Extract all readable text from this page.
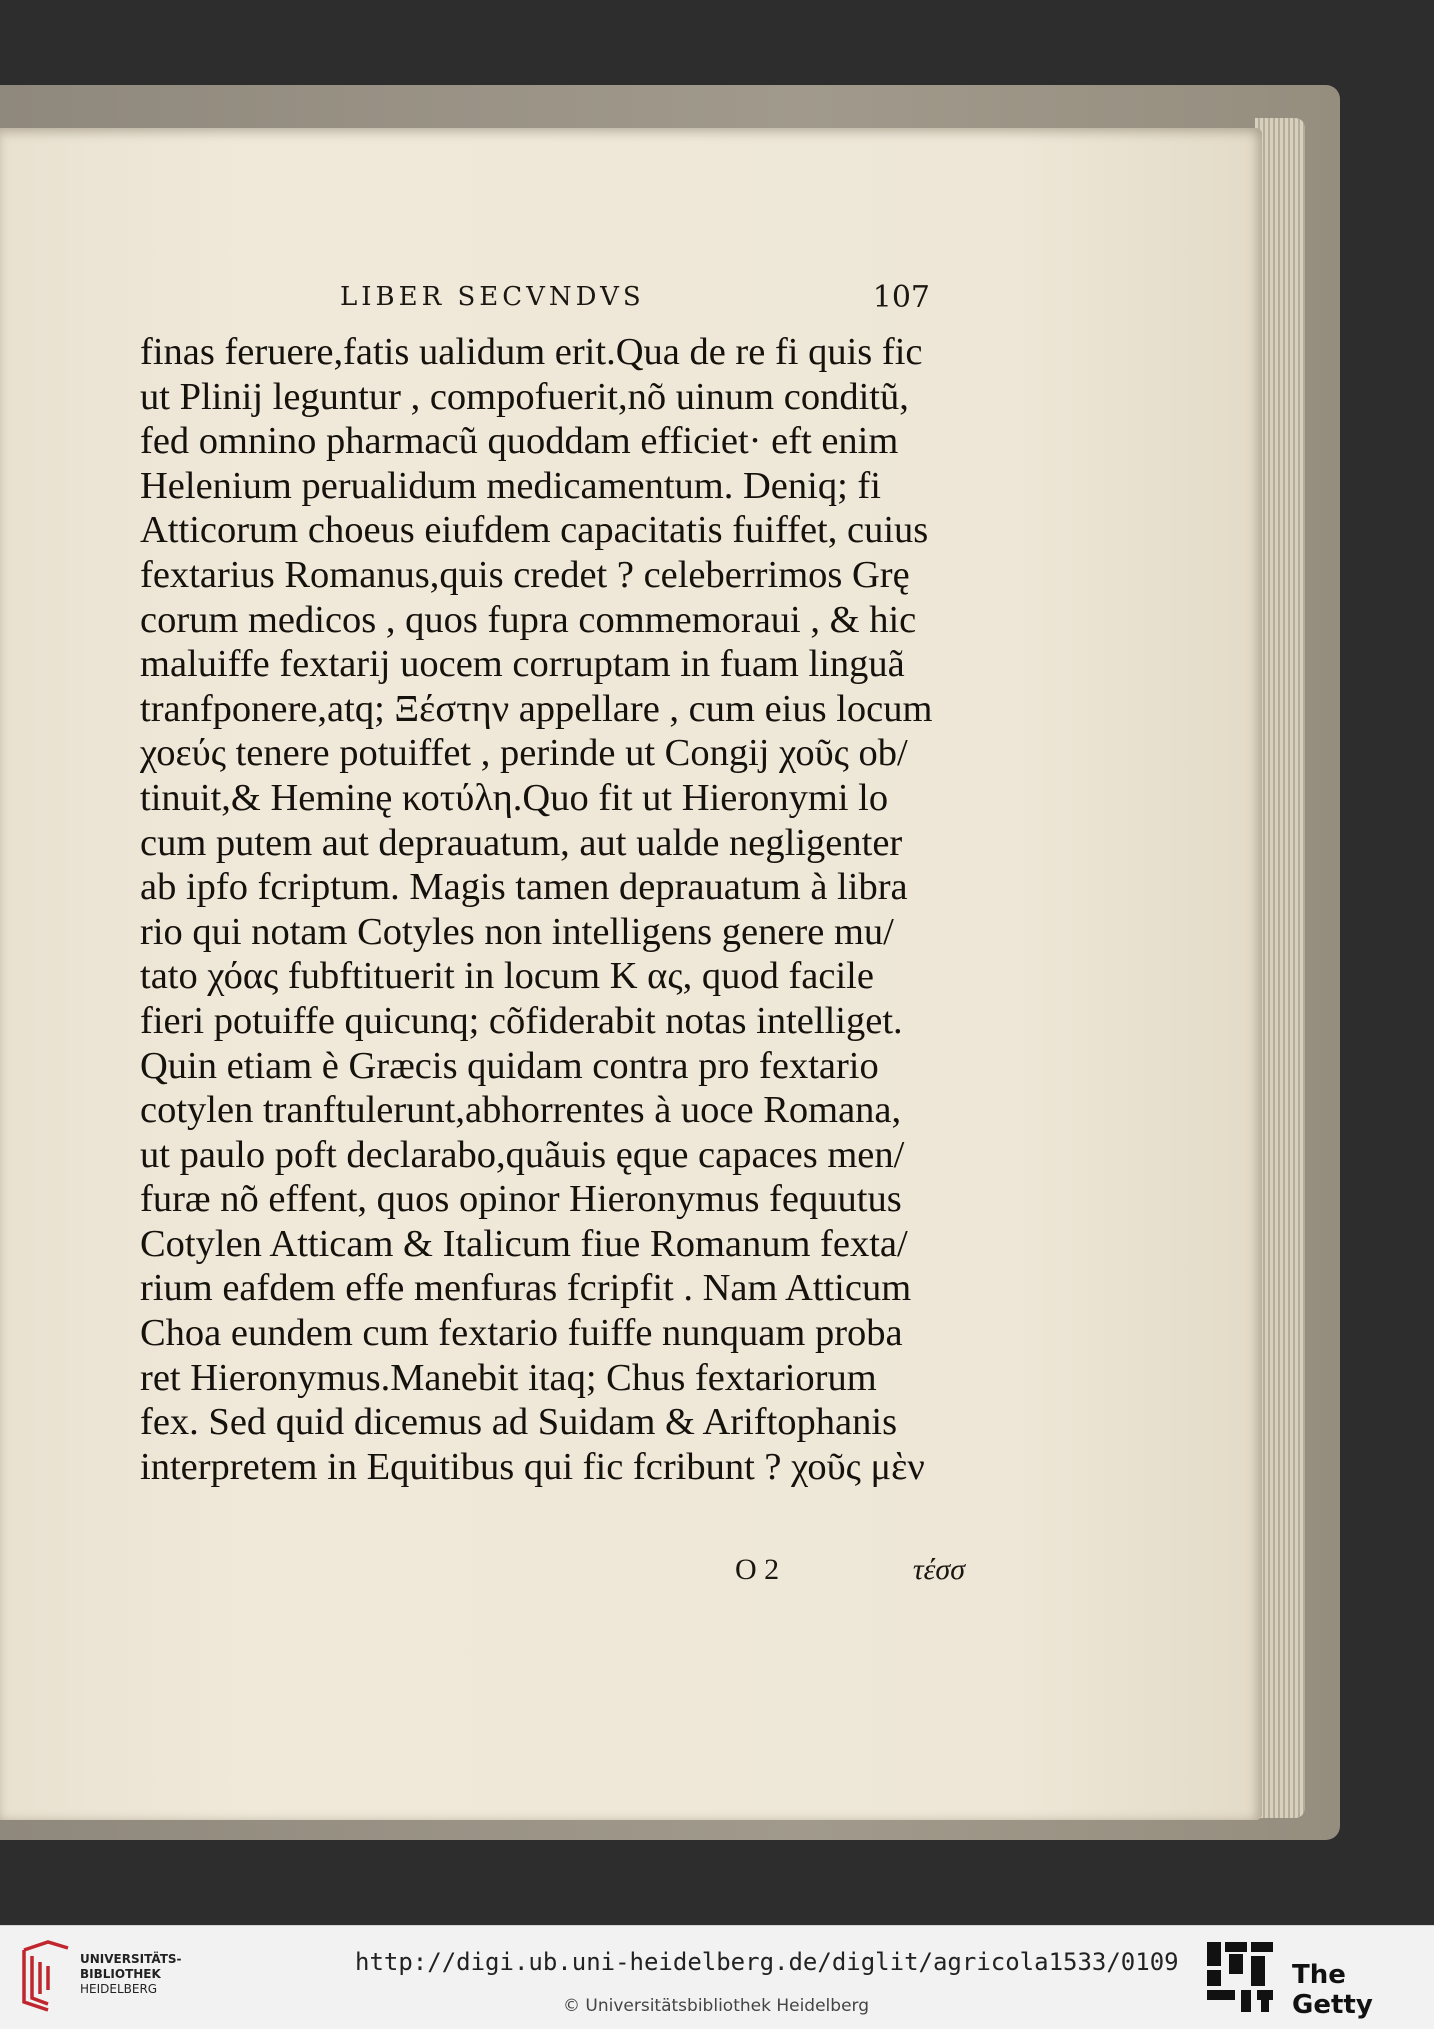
LIBER SECVNDVS	107
finas feruere,fatis ualidum erit.Qua de re fi quis fic
ut Plinij leguntur , compofuerit,nõ uinum conditũ,
fed omnino pharmacũ quoddam efficiet· eft enim
Helenium perualidum medicamentum. Deniq; fi
Atticorum choeus eiufdem capacitatis fuiffet, cuius
fextarius Romanus,quis credet ? celeberrimos Grę
corum medicos , quos fupra commemoraui , & hic
maluiffe fextarij uocem corruptam in fuam linguã
tranfponere,atq; Ξέστην appellare , cum eius locum
χοεύς tenere potuiffet , perinde ut Congij χοῦς ob/
tinuit,& Heminę κοτύλη.Quo fit ut Hieronymi lo
cum putem aut deprauatum, aut ualde negligenter
ab ipfo fcriptum. Magis tamen deprauatum à libra
rio qui notam Cotyles non intelligens genere mu/
tato χόας fubftituerit in locum K ας, quod facile
fieri potuiffe quicunq; cõfiderabit notas intelliget.
Quin etiam è Græcis quidam contra pro fextario
cotylen tranftulerunt,abhorrentes à uoce Romana,
ut paulo poft declarabo,quãuis ęque capaces men/
furæ nõ effent, quos opinor Hieronymus fequutus
Cotylen Atticam & Italicum fiue Romanum fexta/
rium eafdem effe menfuras fcripfit . Nam Atticum
Choa eundem cum fextario fuiffe nunquam proba
ret Hieronymus.Manebit itaq; Chus fextariorum
fex. Sed quid dicemus ad Suidam & Ariftophanis
interpretem in Equitibus qui fic fcribunt ? χοῦς μὲν
O 2	τέσσ
UNIVERSITÄTS-
BIBLIOTHEK
HEIDELBERG
http://digi.ub.uni-heidelberg.de/diglit/agricola1533/0109
© Universitätsbibliothek Heidelberg
The Getty
